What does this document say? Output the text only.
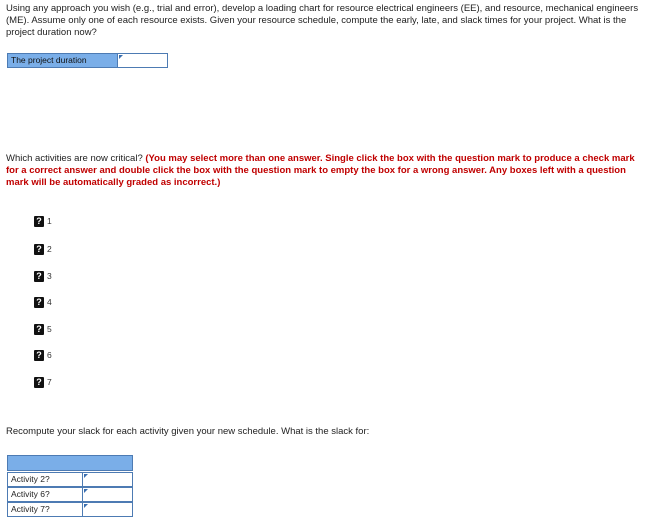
Using any approach you wish (e.g., trial and error), develop a loading chart for resource electrical engineers (EE), and resource, mechanical engineers (ME). Assume only one of each resource exists. Given your resource schedule, compute the early, late, and slack times for your project. What is the project duration now?

The project duration

Which activities are now critical? (You may select more than one answer. Single click the box with the question mark to produce a check mark for a correct answer and double click the box with the question mark to empty the box for a wrong answer. Any boxes left with a question mark will be automatically graded as incorrect.)

? 1
? 2
? 3
? 4
? 5
? 6
? 7

Recompute your slack for each activity given your new schedule. What is the slack for:

Activity 2?	

Activity 6?	

Activity 7?	
